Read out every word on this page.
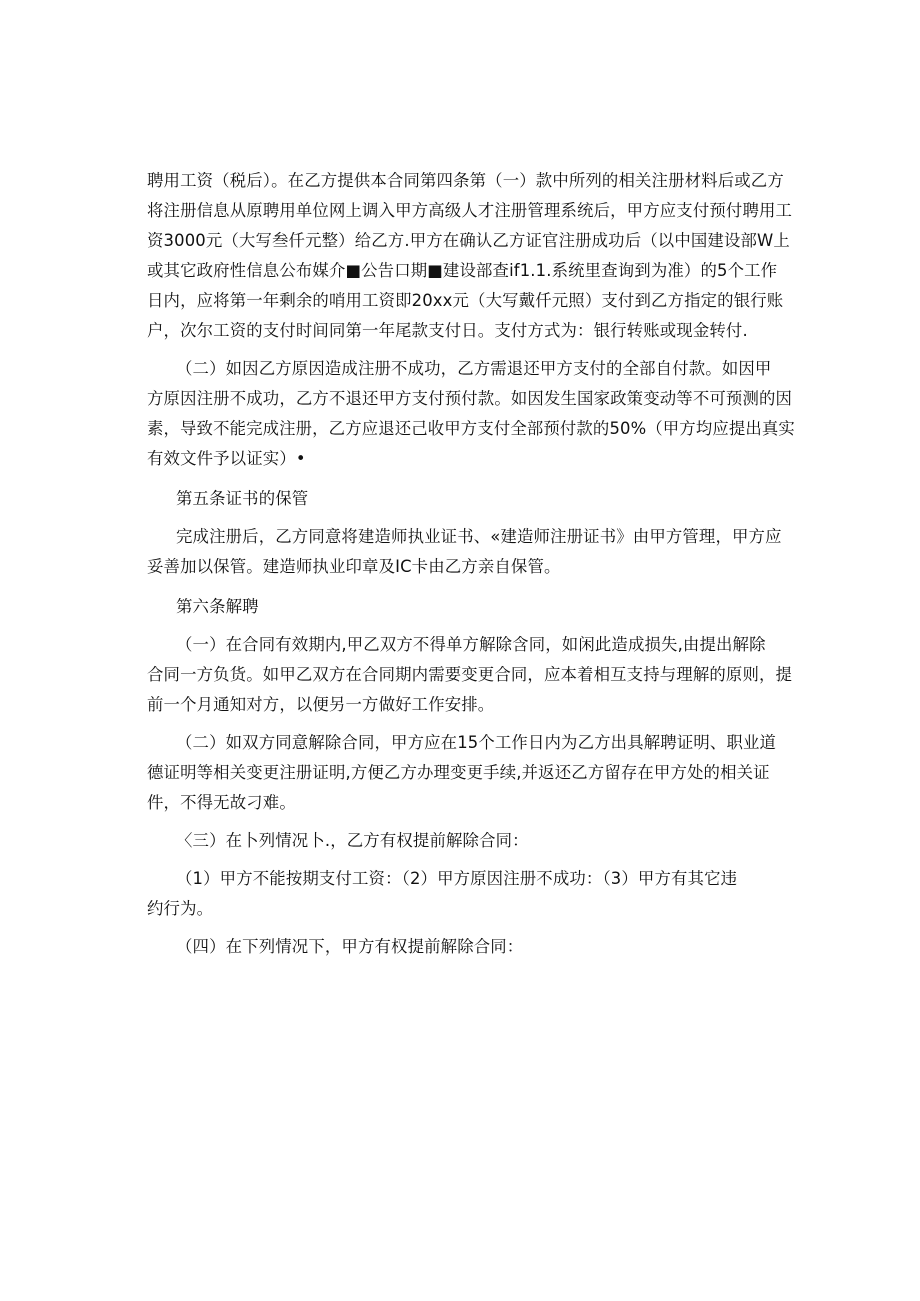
聘用工资（税后）。在乙方提供本合同第四条第（一）款中所列的相关注册材料后或乙方
将注册信息从原聘用单位网上调入甲方高级人才注册管理系统后，甲方应支付预付聘用工
资3000元（大写叁仟元整）给乙方.甲方在确认乙方证官注册成功后（以中国建设部W上
或其它政府性信息公布媒介■公告口期■建设部查if1.1.系统里查询到为准）的5个工作
日内，应将第一年剩余的哨用工资即20xx元（大写戴仟元照）支付到乙方指定的银行账
户，次尔工资的支付时间同第一年尾款支付日。支付方式为：银行转账或现金转付.
（二）如因乙方原因造成注册不成功，乙方需退还甲方支付的全部自付款。如因甲
方原因注册不成功，乙方不退还甲方支付预付款。如因发生国家政策变动等不可预测的因
素，导致不能完成注册，乙方应退还己收甲方支付全部预付款的50%（甲方均应提出真实
有效文件予以证实）•
第五条证书的保管
完成注册后，乙方同意将建造师执业证书、«建造师注册证书》由甲方管理，甲方应
妥善加以保管。建造师执业印章及IC卡由乙方亲自保管。
第六条解聘
（一）在合同有效期内,甲乙双方不得单方解除含同，如闲此造成损失,由提出解除
合同一方负货。如甲乙双方在合同期内需要变更合同，应本着相互支持与理解的原则，提
前一个月通知对方，以便另一方做好工作安排。
（二）如双方同意解除合同，甲方应在15个工作日内为乙方出具解聘证明、职业道
德证明等相关变更注册证明,方便乙方办理变更手续,并返还乙方留存在甲方处的相关证
件，不得无故刁难。
〈三）在卜列情况卜.，乙方有权提前解除合同：
（1）甲方不能按期支付工资：（2）甲方原因注册不成功：（3）甲方有其它违
约行为。
（四）在下列情况下，甲方有权提前解除合同：
